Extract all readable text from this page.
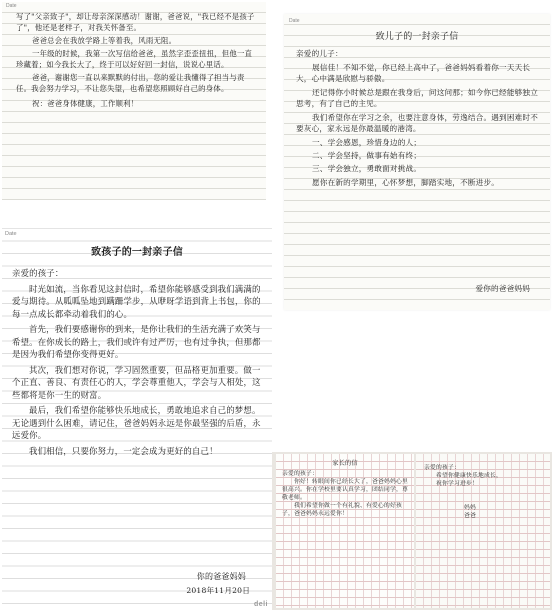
Date

写了"父亲致子"，却让母亲深深感动！谢谢，爸爸说，"我已经不是孩子了"，他还是老样子，对我关怀备至。

爸爸总会在我放学路上等着我，风雨无阻。

一年级的时候，我第一次写信给爸爸，虽然字歪歪扭扭，但他一直珍藏着；如今我长大了，终于可以好好回一封信，说说心里话。

爸爸，谢谢您一直以来默默的付出，您的爱让我懂得了担当与责任。我会努力学习，不让您失望，也希望您照顾好自己的身体。

祝：爸爸身体健康，工作顺利！

Date
致儿子的一封亲子信

亲爱的儿子：

展信佳！不知不觉，你已经上高中了，爸爸妈妈看着你一天天长大，心中满是欣慰与骄傲。

还记得你小时候总是跟在我身后，问这问那；如今你已经能够独立思考，有了自己的主见。

我们希望你在学习之余，也要注意身体，劳逸结合。遇到困难时不要灰心，家永远是你最温暖的港湾。

一、学会感恩，珍惜身边的人；

二、学会坚持，做事有始有终；

三、学会独立，勇敢面对挑战。

愿你在新的学期里，心怀梦想，脚踏实地，不断进步。

爱你的爸爸妈妈
Date
致孩子的一封亲子信

亲爱的孩子：

时光如流，当你看见这封信时，希望你能够感受到我们满满的爱与期待。从呱呱坠地到蹒跚学步，从咿呀学语到背上书包，你的每一点成长都牵动着我们的心。

首先，我们要感谢你的到来，是你让我们的生活充满了欢笑与希望。在你成长的路上，我们或许有过严厉，也有过争执，但那都是因为我们希望你变得更好。

其次，我们想对你说，学习固然重要，但品格更加重要。做一个正直、善良、有责任心的人，学会尊重他人，学会与人相处，这些都将是你一生的财富。

最后，我们希望你能够快乐地成长，勇敢地追求自己的梦想。无论遇到什么困难，请记住，爸爸妈妈永远是你最坚强的后盾，永远爱你。

我们相信，只要你努力，一定会成为更好的自己！

你的爸爸妈妈
2018年11月20日
deli
家长的信

亲爱的孩子：

你好！转眼间你已经长大了，爸爸妈妈心里很高兴。你在学校里要认真学习，团结同学，尊敬老师。

我们希望你做一个有礼貌、有爱心的好孩子，爸爸妈妈永远爱你！

亲爱的孩子：

希望你健康快乐地成长，

祝你学习进步！

妈妈

爸爸
